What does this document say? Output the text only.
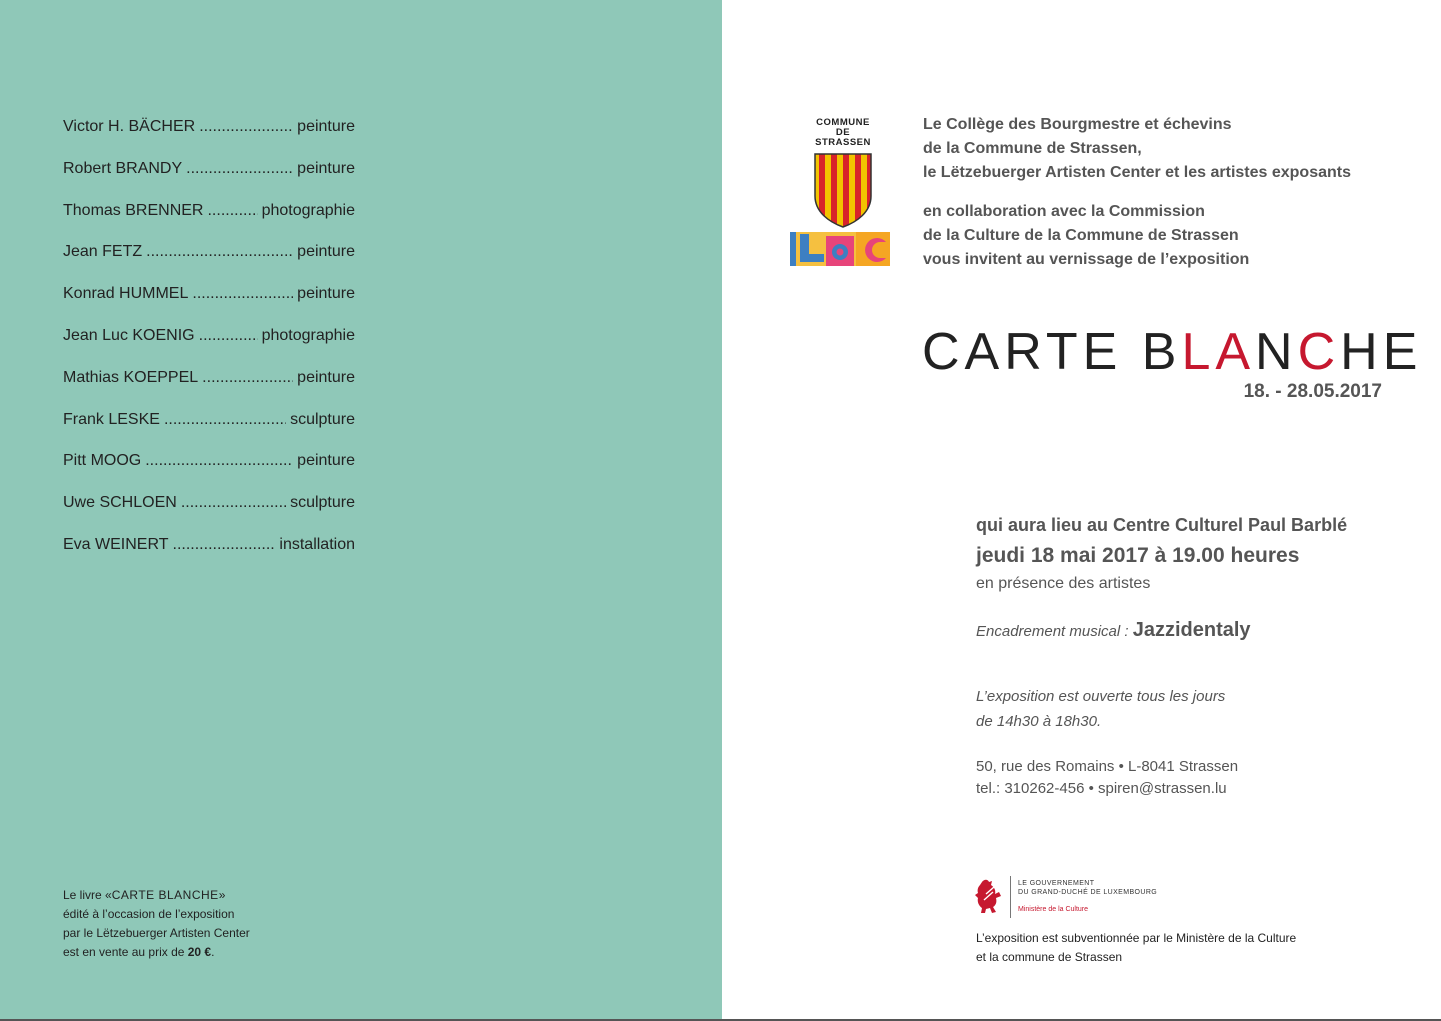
Victor H. BÄCHER .....	peinture
Robert BRANDY .....	peinture
Thomas BRENNER .....	photographie
Jean FETZ .....	peinture
Konrad HUMMEL .....	peinture
Jean Luc KOENIG .....	photographie
Mathias KOEPPEL .....	peinture
Frank LESKE .....	sculpture
Pitt MOOG .....	peinture
Uwe SCHLOEN .....	sculpture
Eva WEINERT .....	installation
Le livre «CARTE BLANCHE»
édité à l’occasion de l’exposition
par le Lëtzebuerger Artisten Center
est en vente au prix de 20 €.
COMMUNE
DE STRASSEN

Le Collège des Bourgmestre et échevins

de la Commune de Strassen,

le Lëtzebuerger Artisten Center et les artistes exposants

en collaboration avec la Commission

de la Culture de la Commune de Strassen

vous invitent au vernissage de l’exposition

CARTE BLANCHE
18. - 28.05.2017

qui aura lieu au Centre Culturel Paul Barblé

jeudi 18 mai 2017 à 19.00 heures

en présence des artistes

Encadrement musical : Jazzidentaly

L’exposition est ouverte tous les jours

de 14h30 à 18h30.

50, rue des Romains • L-8041 Strassen

tel.: 310262-456 • spiren@strassen.lu

LE GOUVERNEMENT
DU GRAND-DUCHÉ DE LUXEMBOURG
Ministère de la Culture

L’exposition est subventionnée par le Ministère de la Culture

et la commune de Strassen
